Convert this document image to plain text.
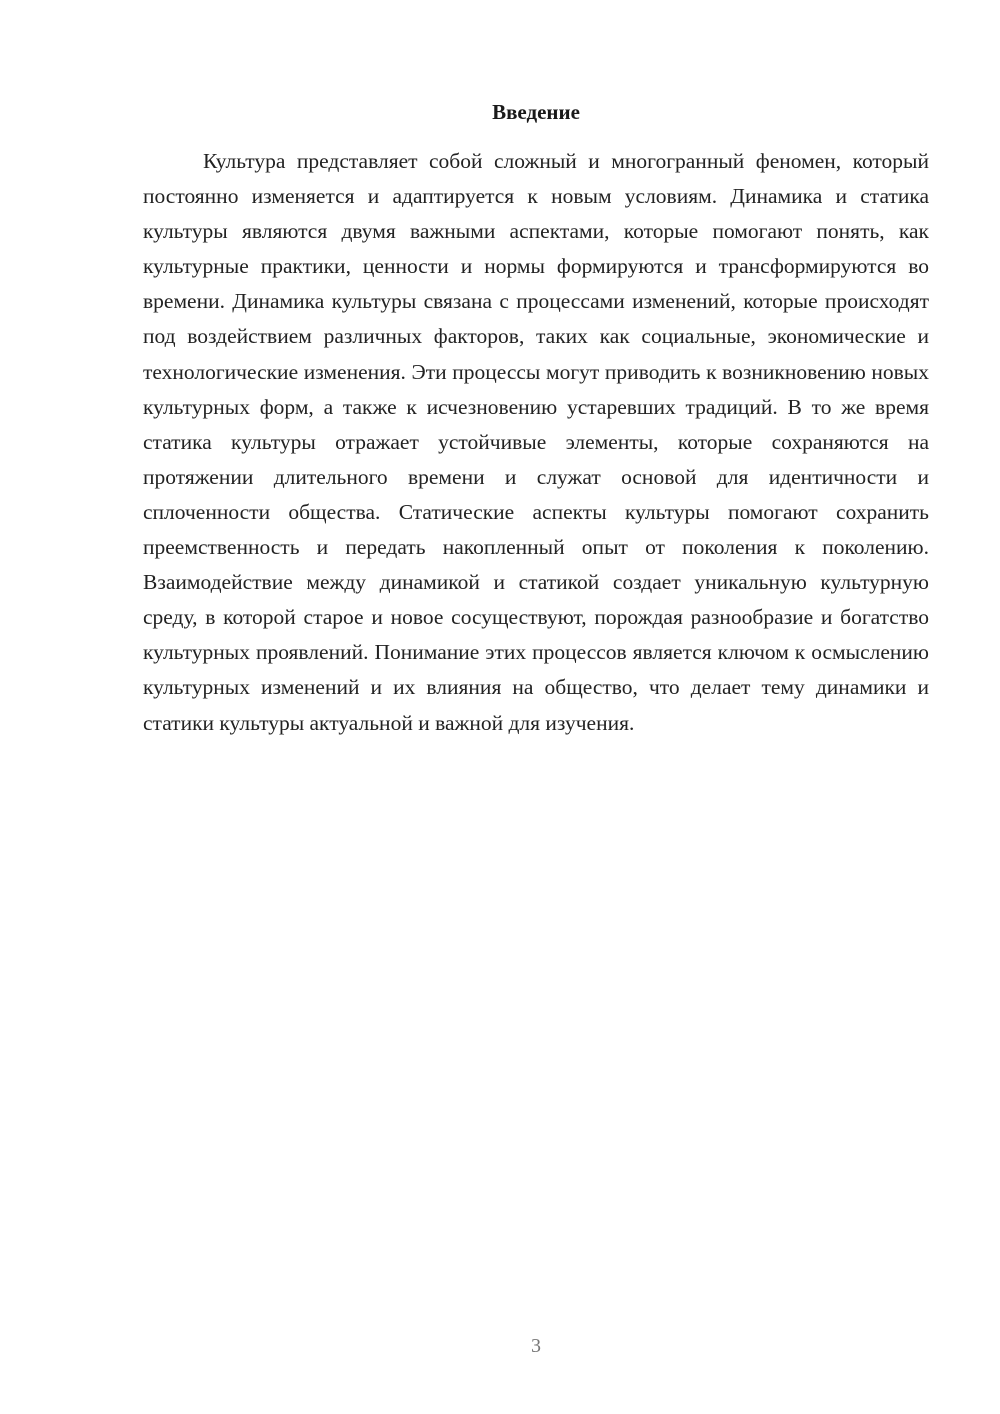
Введение

Культура представляет собой сложный и многогранный феномен, который постоянно изменяется и адаптируется к новым условиям. Динамика и статика культуры являются двумя важными аспектами, которые помогают понять, как культурные практики, ценности и нормы формируются и трансформируются во времени. Динамика культуры связана с процессами изменений, которые происходят под воздействием различных факторов, таких как социальные, экономические и технологические изменения. Эти процессы могут приводить к возникновению новых культурных форм, а также к исчезновению устаревших традиций. В то же время статика культуры отражает устойчивые элементы, которые сохраняются на протяжении длительного времени и служат основой для идентичности и сплоченности общества. Статические аспекты культуры помогают сохранить преемственность и передать накопленный опыт от поколения к поколению. Взаимодействие между динамикой и статикой создает уникальную культурную среду, в которой старое и новое сосуществуют, порождая разнообразие и богатство культурных проявлений. Понимание этих процессов является ключом к осмыслению культурных изменений и их влияния на общество, что делает тему динамики и статики культуры актуальной и важной для изучения.

3
